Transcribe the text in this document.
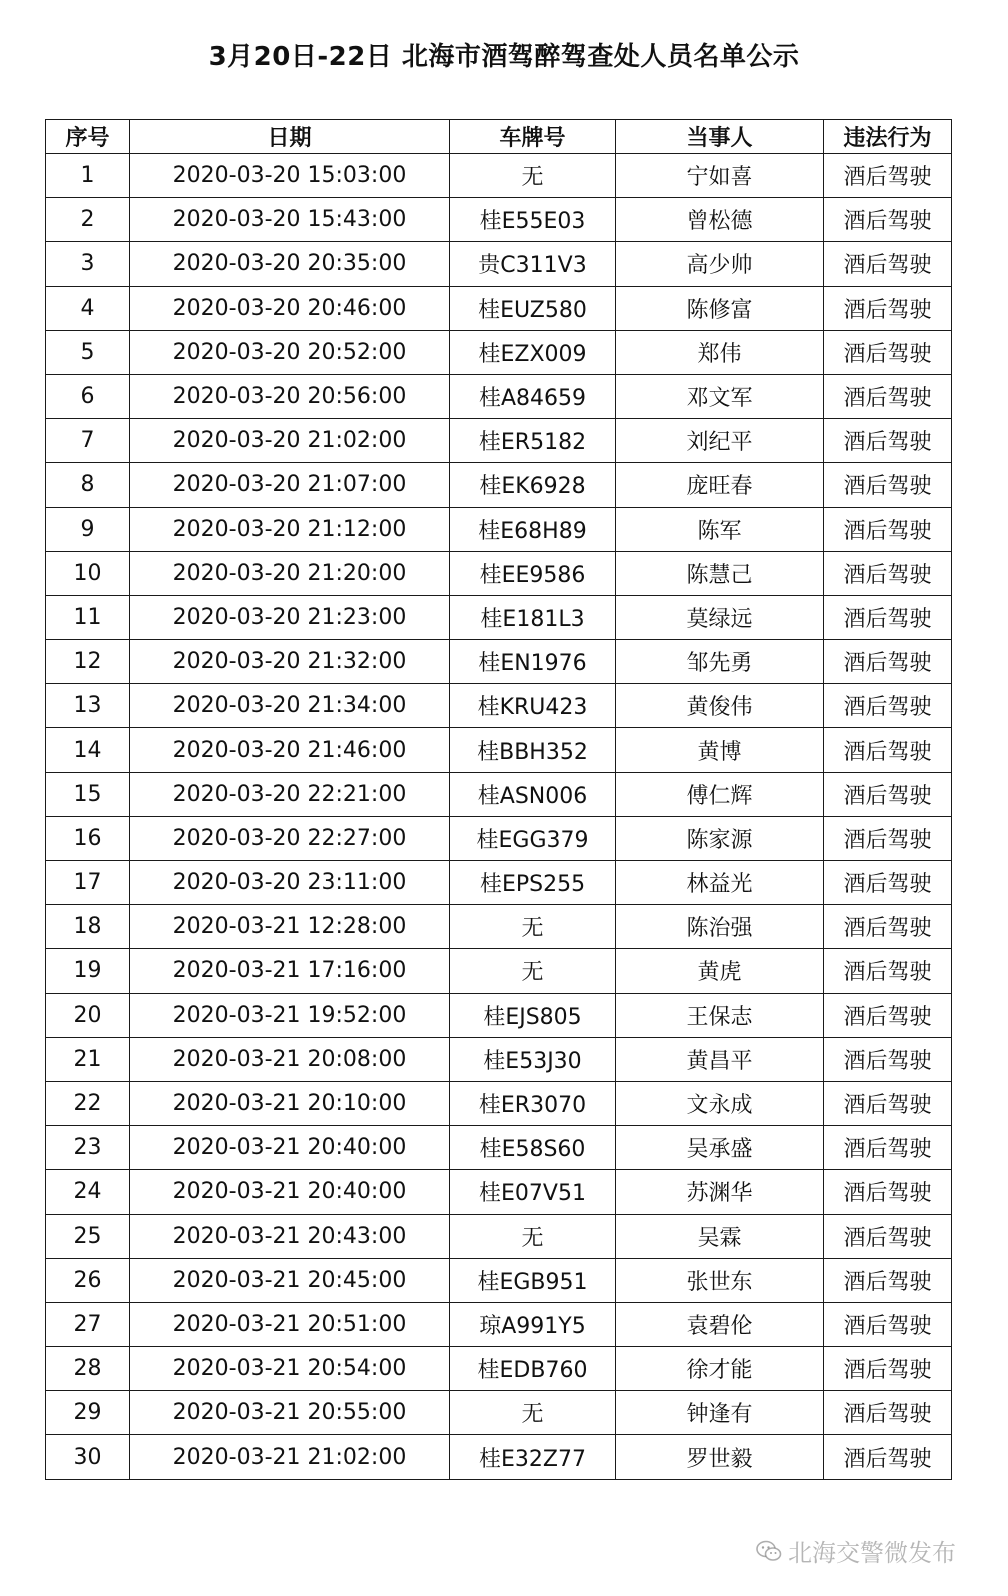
3月20日-22日 北海市酒驾醉驾查处人员名单公示
序号	日期	车牌号	当事人	违法行为
1	2020-03-20 15:03:00	无	宁如喜	酒后驾驶
2	2020-03-20 15:43:00	桂E55E03	曾松德	酒后驾驶
3	2020-03-20 20:35:00	贵C311V3	高少帅	酒后驾驶
4	2020-03-20 20:46:00	桂EUZ580	陈修富	酒后驾驶
5	2020-03-20 20:52:00	桂EZX009	郑伟	酒后驾驶
6	2020-03-20 20:56:00	桂A84659	邓文军	酒后驾驶
7	2020-03-20 21:02:00	桂ER5182	刘纪平	酒后驾驶
8	2020-03-20 21:07:00	桂EK6928	庞旺春	酒后驾驶
9	2020-03-20 21:12:00	桂E68H89	陈军	酒后驾驶
10	2020-03-20 21:20:00	桂EE9586	陈慧己	酒后驾驶
11	2020-03-20 21:23:00	桂E181L3	莫绿远	酒后驾驶
12	2020-03-20 21:32:00	桂EN1976	邹先勇	酒后驾驶
13	2020-03-20 21:34:00	桂KRU423	黄俊伟	酒后驾驶
14	2020-03-20 21:46:00	桂BBH352	黄博	酒后驾驶
15	2020-03-20 22:21:00	桂ASN006	傅仁辉	酒后驾驶
16	2020-03-20 22:27:00	桂EGG379	陈家源	酒后驾驶
17	2020-03-20 23:11:00	桂EPS255	林益光	酒后驾驶
18	2020-03-21 12:28:00	无	陈治强	酒后驾驶
19	2020-03-21 17:16:00	无	黄虎	酒后驾驶
20	2020-03-21 19:52:00	桂EJS805	王保志	酒后驾驶
21	2020-03-21 20:08:00	桂E53J30	黄昌平	酒后驾驶
22	2020-03-21 20:10:00	桂ER3070	文永成	酒后驾驶
23	2020-03-21 20:40:00	桂E58S60	吴承盛	酒后驾驶
24	2020-03-21 20:40:00	桂E07V51	苏渊华	酒后驾驶
25	2020-03-21 20:43:00	无	吴霖	酒后驾驶
26	2020-03-21 20:45:00	桂EGB951	张世东	酒后驾驶
27	2020-03-21 20:51:00	琼A991Y5	袁碧伦	酒后驾驶
28	2020-03-21 20:54:00	桂EDB760	徐才能	酒后驾驶
29	2020-03-21 20:55:00	无	钟逢有	酒后驾驶
30	2020-03-21 21:02:00	桂E32Z77	罗世毅	酒后驾驶
北海交警微发布
